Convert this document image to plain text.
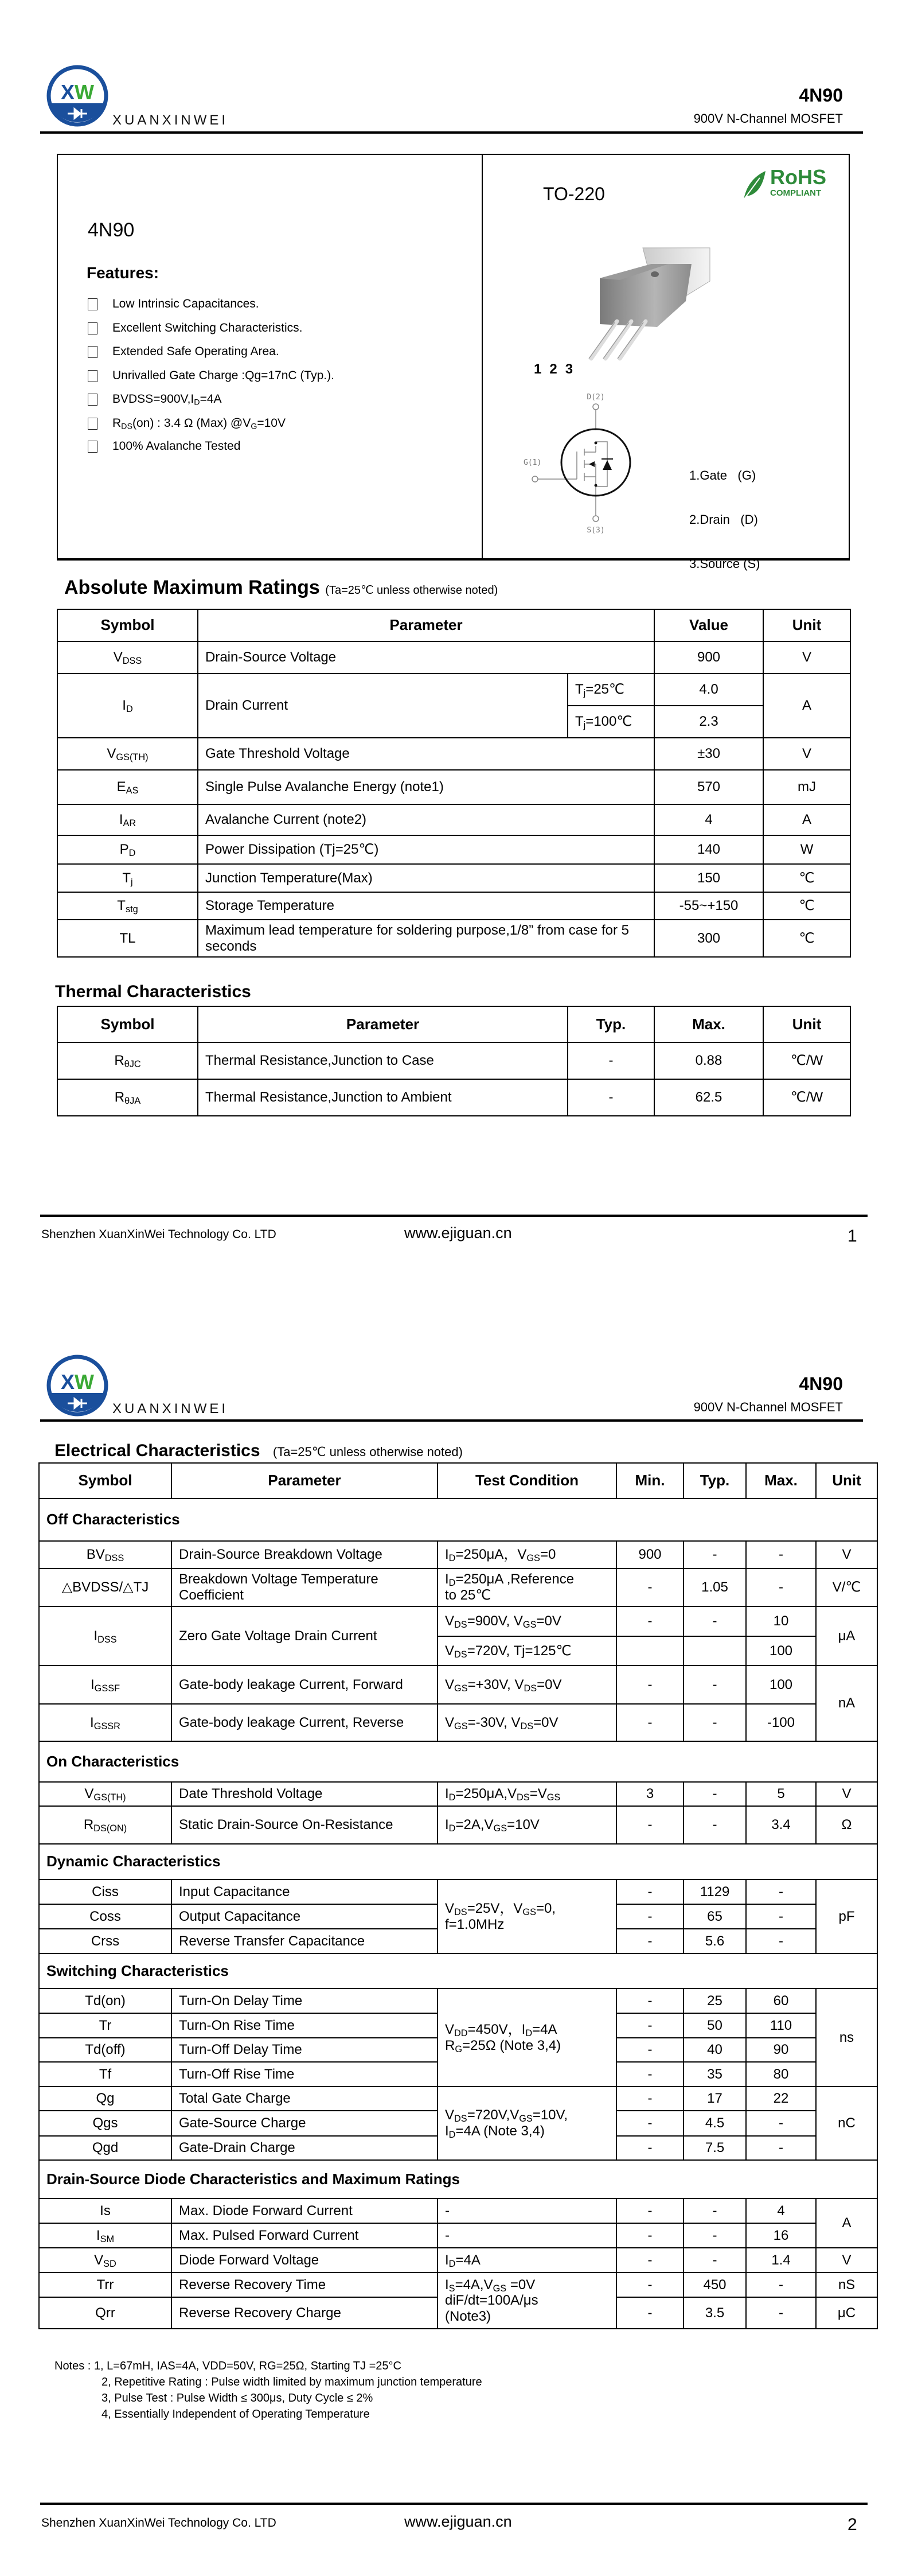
XW
XUANXINWEI
4N90
900V N-Channel MOSFET
4N90
Features:
Low Intrinsic Capacitances.
Excellent Switching Characteristics.
Extended Safe Operating Area.
Unrivalled Gate Charge :Qg=17nC (Typ.).
$BVDSS=900V,I_D=4A$
$R_{DS}(on)$ : 3.4 Ω (Max) $@V_G=10V$
100% Avalanche Tested
TO-220
RoHS
COMPLIANT
1 2 3
D(2)
G(1)
S(3)

1.Gate   (G)

2.Drain   (D)

3.Source (S)

Absolute Maximum Ratings (Ta=25℃ unless otherwise noted)
Symbol	Parameter		Value	Unit
$V_{DSS}$	Drain-Source Voltage		900	V
$I_D$	Drain Current	$T_j=25℃$	4.0	A
		$T_j=100℃$	2.3	
$V_{GS(TH)}$	Gate Threshold Voltage		±30	V
$E_{AS}$	Single Pulse Avalanche Energy (note1)		570	mJ
$I_{AR}$	Avalanche Current (note2)		4	A
$P_D$	Power Dissipation (Tj=25℃)		140	W
$T_j$	Junction Temperature(Max)		150	℃
$T_{stg}$	Storage Temperature		-55~+150	℃
TL	Maximum lead temperature for soldering purpose,1/8” from case for 5 seconds		300	℃
Thermal Characteristics
Symbol	Parameter	Typ.	Max.	Unit
$R_{\theta JC}$	Thermal Resistance,Junction to Case	-	0.88	℃/W
$R_{\theta JA}$	Thermal Resistance,Junction to Ambient	-	62.5	℃/W
Shenzhen XuanXinWei Technology Co. LTD	www.ejiguan.cn	1
XW
XUANXINWEI
4N90
900V N-Channel MOSFET
Electrical Characteristics (Ta=25℃ unless otherwise noted)
Symbol	Parameter	Test Condition	Min.	Typ.	Max.	Unit
Off Characteristics						
$BV_{DSS}$	Drain-Source Breakdown Voltage	$I_D=250\mu A$，$V_{GS}=0$	900	-	-	V
△BVDSS/△TJ	Breakdown Voltage Temperature Coefficient	$I_D=250\mu A$ ,Reference
to 25℃	-	1.05	-	V/℃
$I_{DSS}$	Zero Gate Voltage Drain Current	$V_{DS}=900V$, $V_{GS}=0V$	-	-	10	μA
		$V_{DS}=720V$, Tj=125℃			100	
$I_{GSSF}$	Gate-body leakage Current, Forward	$V_{GS}=+30V$, $V_{DS}=0V$	-	-	100	nA
$I_{GSSR}$	Gate-body leakage Current, Reverse	$V_{GS}=-30V$, $V_{DS}=0V$	-	-	-100	
On Characteristics						
$V_{GS(TH)}$	Date Threshold Voltage	$I_D=250\mu A,V_{DS}=V_{GS}$	3	-	5	V
$R_{DS(ON)}$	Static Drain-Source On-Resistance	$I_D=2A,V_{GS}=10V$	-	-	3.4	Ω
Dynamic Characteristics						
Ciss	Input Capacitance	$V_{DS}=25V$，$V_{GS}=0$,
f=1.0MHz	-	1129	-	pF
Coss	Output Capacitance		-	65	-	
Crss	Reverse Transfer Capacitance		-	5.6	-	
Switching Characteristics						
Td(on)	Turn-On Delay Time	$V_{DD}=450V$，$I_D=4A$
$R_G=25\Omega$ (Note 3,4)	-	25	60	ns
Tr	Turn-On Rise Time		-	50	110	
Td(off)	Turn-Off Delay Time		-	40	90	
Tf	Turn-Off Rise Time		-	35	80	
Qg	Total Gate Charge	$V_{DS}=720V,V_{GS}=10V$,
$I_D=4A$ (Note 3,4)	-	17	22	nC
Qgs	Gate-Source Charge		-	4.5	-	
Qgd	Gate-Drain Charge		-	7.5	-	
Drain-Source Diode Characteristics and Maximum Ratings						
Is	Max. Diode Forward Current	-	-	-	4	A
$I_{SM}$	Max. Pulsed Forward Current	-	-	-	16	
$V_{SD}$	Diode Forward Voltage	$I_D=4A$	-	-	1.4	V
Trr	Reverse Recovery Time	$I_S=4A,V_{GS} =0V$
diF/dt=100A/μs
(Note3)	-	450	-	nS
Qrr	Reverse Recovery Charge		-	3.5	-	μC
Notes : 1, L=67mH, IAS=4A, VDD=50V, RG=25Ω, Starting TJ =25°C
2, Repetitive Rating : Pulse width limited by maximum junction temperature
3, Pulse Test : Pulse Width ≤ 300μs, Duty Cycle ≤ 2%
4, Essentially Independent of Operating Temperature
Shenzhen XuanXinWei Technology Co. LTD	www.ejiguan.cn	2
